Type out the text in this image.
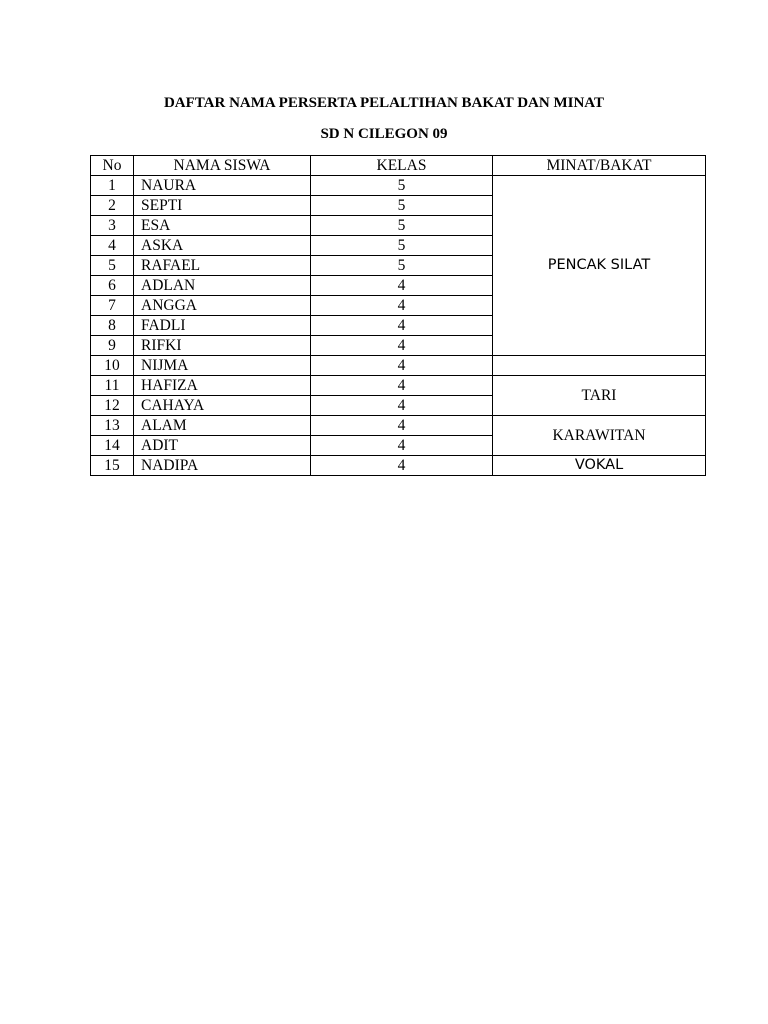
DAFTAR NAMA PERSERTA PELALTIHAN BAKAT DAN MINAT

SD N CILEGON 09

No	NAMA SISWA	KELAS	MINAT/BAKAT
1	NAURA	5	PENCAK SILAT
2	SEPTI	5	
3	ESA	5	
4	ASKA	5	
5	RAFAEL	5	
6	ADLAN	4	
7	ANGGA	4	
8	FADLI	4	
9	RIFKI	4	
10	NIJMA	4	
11	HAFIZA	4	TARI
12	CAHAYA	4	
13	ALAM	4	KARAWITAN
14	ADIT	4	
15	NADIPA	4	VOKAL
